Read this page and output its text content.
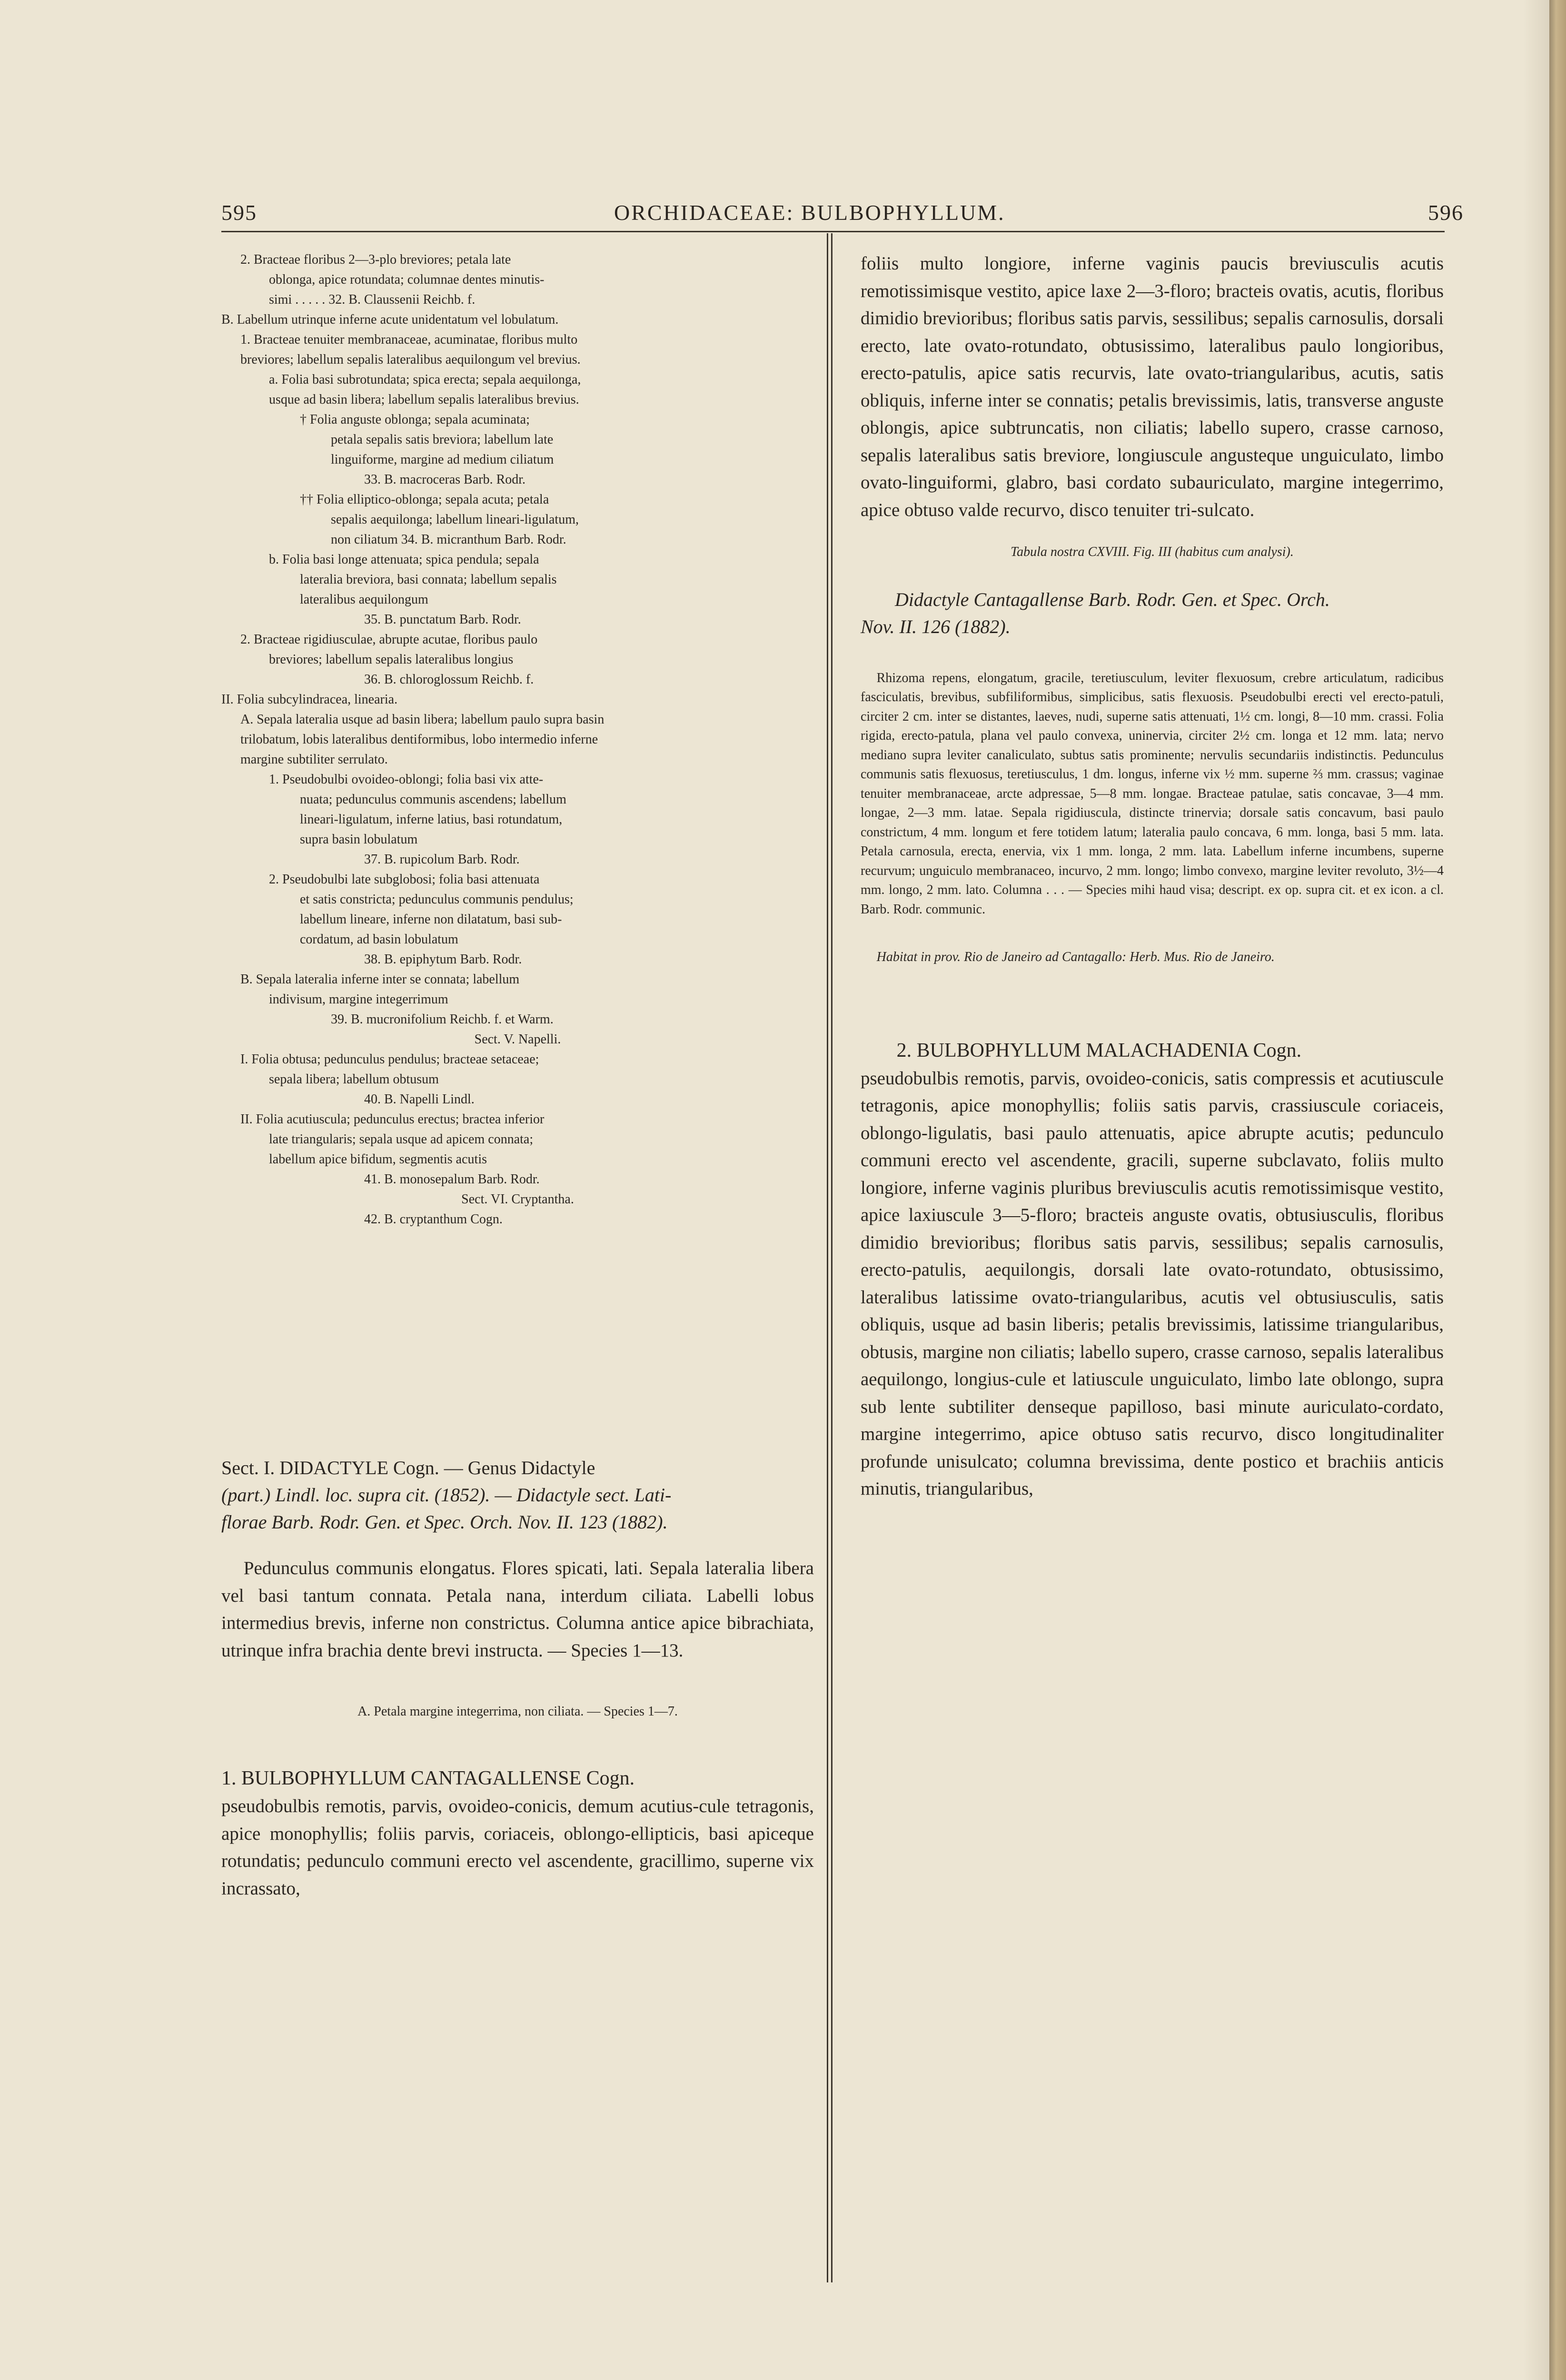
595	ORCHIDACEAE: BULBOPHYLLUM.	596

2. Bracteae floribus 2—3-plo breviores; petala late

oblonga, apice rotundata; columnae dentes minutis-

simi . . . . . 32. B. Claussenii Reichb. f.

B. Labellum utrinque inferne acute unidentatum vel lobulatum.

1. Bracteae tenuiter membranaceae, acuminatae, floribus multo

breviores; labellum sepalis lateralibus aequilongum vel brevius.

a. Folia basi subrotundata; spica erecta; sepala aequilonga,

usque ad basin libera; labellum sepalis lateralibus brevius.

† Folia anguste oblonga; sepala acuminata;

petala sepalis satis breviora; labellum late

linguiforme, margine ad medium ciliatum

33. B. macroceras Barb. Rodr.

†† Folia elliptico-oblonga; sepala acuta; petala

sepalis aequilonga; labellum lineari-ligulatum,

non ciliatum 34. B. micranthum Barb. Rodr.

b. Folia basi longe attenuata; spica pendula; sepala

lateralia breviora, basi connata; labellum sepalis

lateralibus aequilongum

35. B. punctatum Barb. Rodr.

2. Bracteae rigidiusculae, abrupte acutae, floribus paulo

breviores; labellum sepalis lateralibus longius

36. B. chloroglossum Reichb. f.

II. Folia subcylindracea, linearia.

A. Sepala lateralia usque ad basin libera; labellum paulo supra basin

trilobatum, lobis lateralibus dentiformibus, lobo intermedio inferne

margine subtiliter serrulato.

1. Pseudobulbi ovoideo-oblongi; folia basi vix atte-

nuata; pedunculus communis ascendens; labellum

lineari-ligulatum, inferne latius, basi rotundatum,

supra basin lobulatum

37. B. rupicolum Barb. Rodr.

2. Pseudobulbi late subglobosi; folia basi attenuata

et satis constricta; pedunculus communis pendulus;

labellum lineare, inferne non dilatatum, basi sub-

cordatum, ad basin lobulatum

38. B. epiphytum Barb. Rodr.

B. Sepala lateralia inferne inter se connata; labellum

indivisum, margine integerrimum

39. B. mucronifolium Reichb. f. et Warm.

Sect. V. Napelli.

I. Folia obtusa; pedunculus pendulus; bracteae setaceae;

sepala libera; labellum obtusum

40. B. Napelli Lindl.

II. Folia acutiuscula; pedunculus erectus; bractea inferior

late triangularis; sepala usque ad apicem connata;

labellum apice bifidum, segmentis acutis

41. B. monosepalum Barb. Rodr.

Sect. VI. Cryptantha.

42. B. cryptanthum Cogn.

Sect. I. DIDACTYLE Cogn. — Genus Didactyle

(part.) Lindl. loc. supra cit. (1852). — Didactyle sect. Lati-

florae Barb. Rodr. Gen. et Spec. Orch. Nov. II. 123 (1882).

Pedunculus communis elongatus. Flores spicati, lati. Sepala lateralia libera vel basi tantum connata. Petala nana, interdum ciliata. Labelli lobus intermedius brevis, inferne non constrictus. Columna antice apice bibrachiata, utrinque infra brachia dente brevi instructa. — Species 1—13.

A. Petala margine integerrima, non ciliata. — Species 1—7.

1. BULBOPHYLLUM CANTAGALLENSE Cogn.

pseudobulbis remotis, parvis, ovoideo-conicis, demum acutius-cule tetragonis, apice monophyllis; foliis parvis, coriaceis, oblongo-ellipticis, basi apiceque rotundatis; pedunculo communi erecto vel ascendente, gracillimo, superne vix incrassato,

foliis multo longiore, inferne vaginis paucis breviusculis acutis remotissimisque vestito, apice laxe 2—3-floro; bracteis ovatis, acutis, floribus dimidio brevioribus; floribus satis parvis, sessilibus; sepalis carnosulis, dorsali erecto, late ovato-rotundato, obtusissimo, lateralibus paulo longioribus, erecto-patulis, apice satis recurvis, late ovato-triangularibus, acutis, satis obliquis, inferne inter se connatis; petalis brevissimis, latis, transverse anguste oblongis, apice subtruncatis, non ciliatis; labello supero, crasse carnoso, sepalis lateralibus satis breviore, longiuscule angusteque unguiculato, limbo ovato-linguiformi, glabro, basi cordato subauriculato, margine integerrimo, apice obtuso valde recurvo, disco tenuiter tri-sulcato.

Tabula nostra CXVIII. Fig. III (habitus cum analysi).

Didactyle Cantagallense Barb. Rodr. Gen. et Spec. Orch.

Nov. II. 126 (1882).

Rhizoma repens, elongatum, gracile, teretiusculum, leviter flexuosum, crebre articulatum, radicibus fasciculatis, brevibus, subfiliformibus, simplicibus, satis flexuosis. Pseudobulbi erecti vel erecto-patuli, circiter 2 cm. inter se distantes, laeves, nudi, superne satis attenuati, 1½ cm. longi, 8—10 mm. crassi. Folia rigida, erecto-patula, plana vel paulo convexa, uninervia, circiter 2½ cm. longa et 12 mm. lata; nervo mediano supra leviter canaliculato, subtus satis prominente; nervulis secundariis indistinctis. Pedunculus communis satis flexuosus, teretiusculus, 1 dm. longus, inferne vix ½ mm. superne ⅔ mm. crassus; vaginae tenuiter membranaceae, arcte adpressae, 5—8 mm. longae. Bracteae patulae, satis concavae, 3—4 mm. longae, 2—3 mm. latae. Sepala rigidiuscula, distincte trinervia; dorsale satis concavum, basi paulo constrictum, 4 mm. longum et fere totidem latum; lateralia paulo concava, 6 mm. longa, basi 5 mm. lata. Petala carnosula, erecta, enervia, vix 1 mm. longa, 2 mm. lata. Labellum inferne incumbens, superne recurvum; unguiculo membranaceo, incurvo, 2 mm. longo; limbo convexo, margine leviter revoluto, 3½—4 mm. longo, 2 mm. lato. Columna . . . — Species mihi haud visa; descript. ex op. supra cit. et ex icon. a cl. Barb. Rodr. communic.

Habitat in prov. Rio de Janeiro ad Cantagallo: Herb. Mus. Rio de Janeiro.

2. BULBOPHYLLUM MALACHADENIA Cogn.

pseudobulbis remotis, parvis, ovoideo-conicis, satis compressis et acutiuscule tetragonis, apice monophyllis; foliis satis parvis, crassiuscule coriaceis, oblongo-ligulatis, basi paulo attenuatis, apice abrupte acutis; pedunculo communi erecto vel ascendente, gracili, superne subclavato, foliis multo longiore, inferne vaginis pluribus breviusculis acutis remotissimisque vestito, apice laxiuscule 3—5-floro; bracteis anguste ovatis, obtusiusculis, floribus dimidio brevioribus; floribus satis parvis, sessilibus; sepalis carnosulis, erecto-patulis, aequilongis, dorsali late ovato-rotundato, obtusissimo, lateralibus latissime ovato-triangularibus, acutis vel obtusiusculis, satis obliquis, usque ad basin liberis; petalis brevissimis, latissime triangularibus, obtusis, margine non ciliatis; labello supero, crasse carnoso, sepalis lateralibus aequilongo, longius-cule et latiuscule unguiculato, limbo late oblongo, supra sub lente subtiliter denseque papilloso, basi minute auriculato-cordato, margine integerrimo, apice obtuso satis recurvo, disco longitudinaliter profunde unisulcato; columna brevissima, dente postico et brachiis anticis minutis, triangularibus,
